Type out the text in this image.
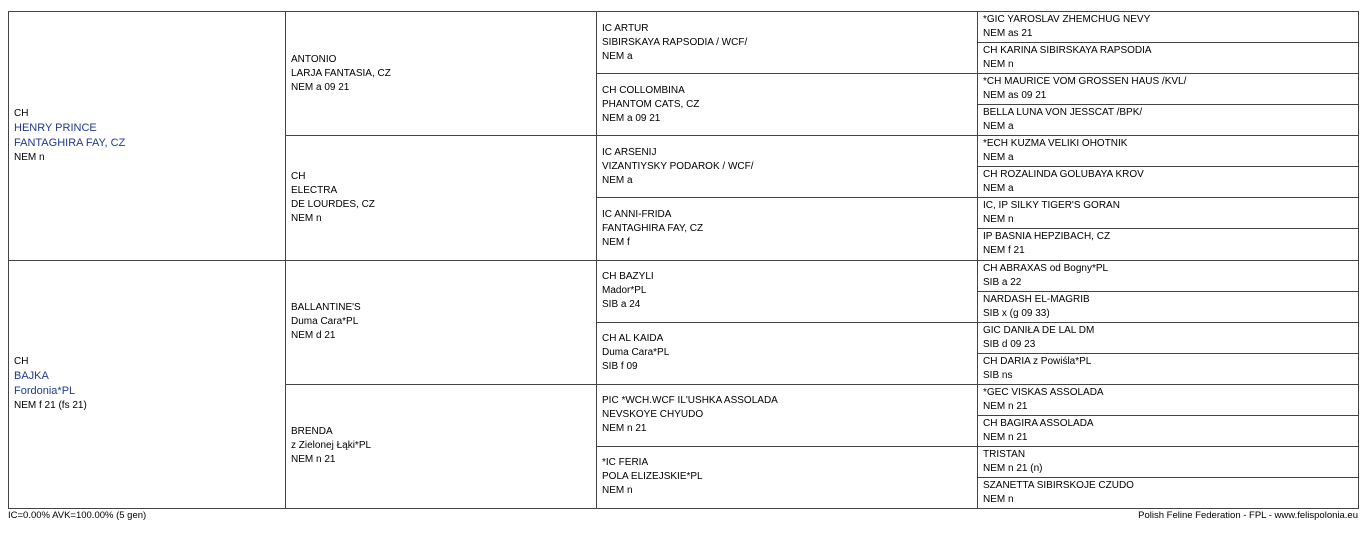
CH
HENRY PRINCE
FANTAGHIRA FAY, CZ
NEM n	ANTONIO
LARJA FANTASIA, CZ
NEM a 09 21	IC ARTUR
SIBIRSKAYA RAPSODIA / WCF/
NEM a	*GIC YAROSLAV ZHEMCHUG NEVY
NEM as 21

			CH KARINA SIBIRSKAYA RAPSODIA
NEM n

		CH COLLOMBINA
PHANTOM CATS, CZ
NEM a 09 21	*CH MAURICE VOM GROSSEN HAUS /KVL/
NEM as 09 21

			BELLA LUNA VON JESSCAT /BPK/
NEM a

	CH
ELECTRA
DE LOURDES, CZ
NEM n	IC ARSENIJ
VIZANTIYSKY PODAROK / WCF/
NEM a	*ECH KUZMA VELIKI OHOTNIK
NEM a

			CH ROZALINDA GOLUBAYA KROV
NEM a

		IC ANNI-FRIDA
FANTAGHIRA FAY, CZ
NEM f	IC, IP SILKY TIGER'S GORAN
NEM n

			IP BASNIA HEPZIBACH, CZ
NEM f 21

CH
BAJKA
Fordonia*PL
NEM f 21 (fs 21)	BALLANTINE'S
Duma Cara*PL
NEM d 21	CH BAZYLI
Mador*PL
SIB a 24	CH ABRAXAS od Bogny*PL
SIB a 22

			NARDASH EL-MAGRIB
SIB x (g 09 33)

		CH AL KAIDA
Duma Cara*PL
SIB f 09	GIC DANIŁA DE LAL DM
SIB d 09 23

			CH DARIA z Powiśla*PL
SIB ns

	BRENDA
z Zielonej Łąki*PL
NEM n 21	PIC *WCH.WCF IL'USHKA ASSOLADA
NEVSKOYE CHYUDO
NEM n 21	*GEC VISKAS ASSOLADA
NEM n 21

			CH BAGIRA ASSOLADA
NEM n 21

		*IC FERIA
POLA ELIZEJSKIE*PL
NEM n	TRISTAN
NEM n 21 (n)

			SZANETTA SIBIRSKOJE CZUDO
NEM n
IC=0.00% AVK=100.00% (5 gen)	Polish Feline Federation - FPL - www.felispolonia.eu
